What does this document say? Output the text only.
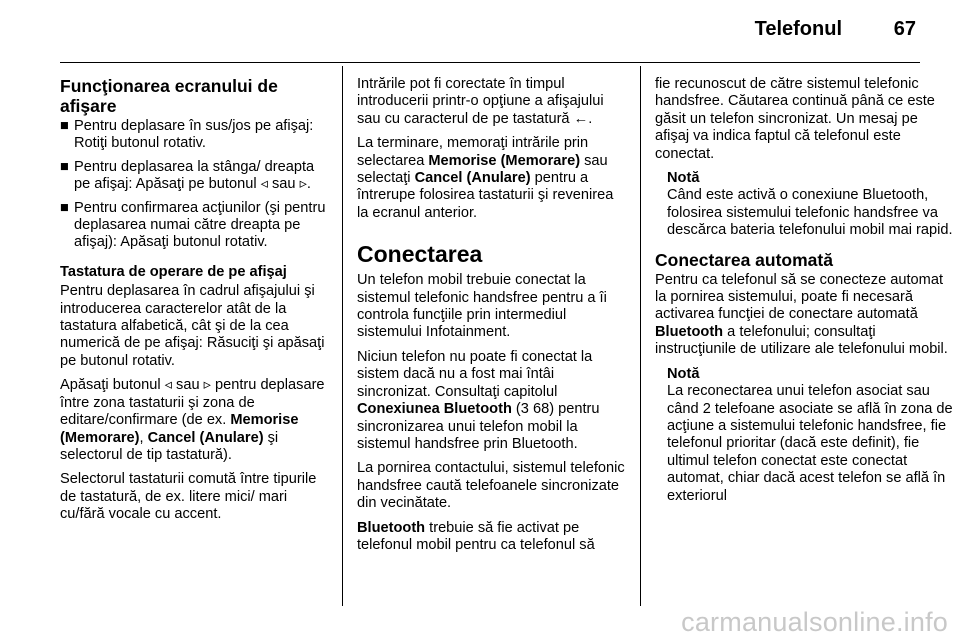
Telefonul	67
Funcţionarea ecranului de afişare
■ Pentru deplasare în sus/jos pe afişaj: Rotiţi butonul rotativ.
■ Pentru deplasarea la stânga/ dreapta pe afişaj: Apăsaţi pe butonul ◃ sau ▹.
■ Pentru confirmarea acţiunilor (şi pentru deplasarea numai către dreapta pe afişaj): Apăsaţi butonul rotativ.
Tastatura de operare de pe afişaj

Pentru deplasarea în cadrul afişajului şi introducerea caracterelor atât de la tastatura alfabetică, cât şi de la cea numerică de pe afişaj: Răsuciţi şi apăsaţi pe butonul rotativ.

Apăsaţi butonul ◃ sau ▹ pentru deplasare între zona tastaturii şi zona de editare/confirmare (de ex. Memorise (Memorare), Cancel (Anulare) şi selectorul de tip tastatură).

Selectorul tastaturii comută între tipurile de tastatură, de ex. litere mici/ mari cu/fără vocale cu accent.

Intrările pot fi corectate în timpul introducerii printr-o opţiune a afişajului sau cu caracterul de pe tastatură ←.

La terminare, memoraţi intrările prin selectarea Memorise (Memorare) sau selectaţi Cancel (Anulare) pentru a întrerupe folosirea tastaturii şi revenirea la ecranul anterior.

Conectarea

Un telefon mobil trebuie conectat la sistemul telefonic handsfree pentru a îi controla funcţiile prin intermediul sistemului Infotainment.

Niciun telefon nu poate fi conectat la sistem dacă nu a fost mai întâi sincronizat. Consultaţi capitolul Conexiunea Bluetooth (3 68) pentru sincronizarea unui telefon mobil la sistemul handsfree prin Bluetooth.

La pornirea contactului, sistemul telefonic handsfree caută telefoanele sincronizate din vecinătate.

Bluetooth trebuie să fie activat pe telefonul mobil pentru ca telefonul să

fie recunoscut de către sistemul telefonic handsfree. Căutarea continuă până ce este găsit un telefon sincronizat. Un mesaj pe afişaj va indica faptul că telefonul este conectat.

Notă
Când este activă o conexiune Bluetooth, folosirea sistemului telefonic handsfree va descărca bateria telefonului mobil mai rapid.
Conectarea automată

Pentru ca telefonul să se conecteze automat la pornirea sistemului, poate fi necesară activarea funcţiei de conectare automată Bluetooth a telefonului; consultaţi instrucţiunile de utilizare ale telefonului mobil.

Notă
La reconectarea unui telefon asociat sau când 2 telefoane asociate se află în zona de acţiune a sistemului telefonic handsfree, fie telefonul prioritar (dacă este definit), fie ultimul telefon conectat este conectat automat, chiar dacă acest telefon se află în exteriorul
carmanualsonline.info
